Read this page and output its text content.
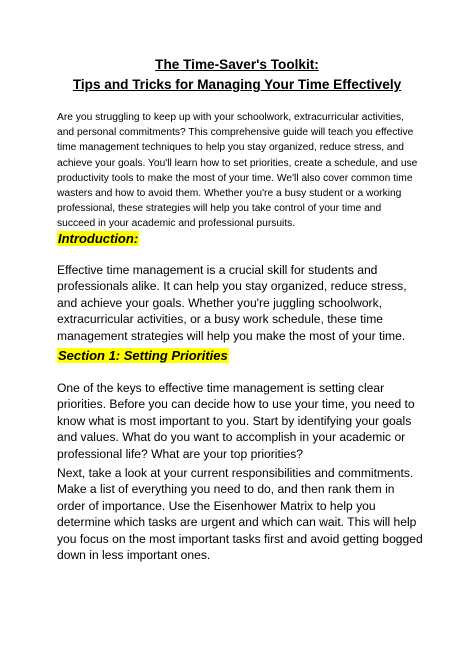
The Time-Saver's Toolkit:
Tips and Tricks for Managing Your Time Effectively

Are you struggling to keep up with your schoolwork, extracurricular activities, and personal commitments? This comprehensive guide will teach you effective time management techniques to help you stay organized, reduce stress, and achieve your goals. You'll learn how to set priorities, create a schedule, and use productivity tools to make the most of your time. We'll also cover common time wasters and how to avoid them. Whether you're a busy student or a working professional, these strategies will help you take control of your time and succeed in your academic and professional pursuits.

Introduction:

Effective time management is a crucial skill for students and professionals alike. It can help you stay organized, reduce stress, and achieve your goals. Whether you're juggling schoolwork, extracurricular activities, or a busy work schedule, these time management strategies will help you make the most of your time.

Section 1: Setting Priorities

One of the keys to effective time management is setting clear priorities. Before you can decide how to use your time, you need to know what is most important to you. Start by identifying your goals and values. What do you want to accomplish in your academic or professional life? What are your top priorities?

Next, take a look at your current responsibilities and commitments. Make a list of everything you need to do, and then rank them in order of importance. Use the Eisenhower Matrix to help you determine which tasks are urgent and which can wait. This will help you focus on the most important tasks first and avoid getting bogged down in less important ones.
